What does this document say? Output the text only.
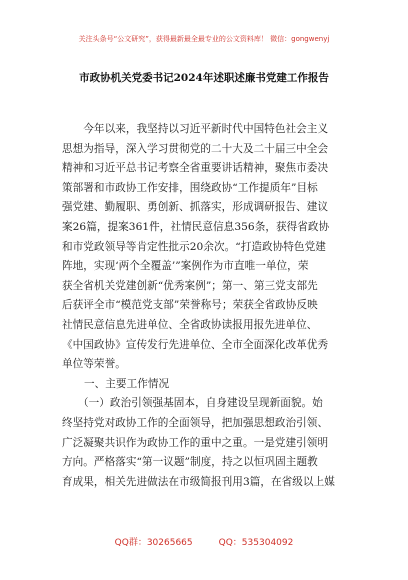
关注头条号“公文研究”，获得最新最全最专业的公文资料库！ 微信：gongwenyj
市政协机关党委书记2024年述职述廉书党建工作报告
　　今年以来，我坚持以习近平新时代中国特色社会主义
思想为指导，深入学习贯彻党的二十大及二十届三中全会
精神和习近平总书记考察全省重要讲话精神，聚焦市委决
策部署和市政协工作安排，围绕政协“工作提质年”目标
强党建、勤履职、勇创新、抓落实，形成调研报告、建议
案26篇，提案361件，社情民意信息356条，获得省政协
和市党政领导等肯定性批示20余次。“打造政协特色党建
阵地，实现‘两个全覆盖’”案例作为市直唯一单位，荣
获全省机关党建创新“优秀案例”；第一、第三党支部先
后获评全市“模范党支部”荣誉称号；荣获全省政协反映
社情民意信息先进单位、全省政协读报用报先进单位、
《中国政协》宣传发行先进单位、全市全面深化改革优秀
单位等荣誉。
一、主要工作情况
　　（一）政治引领强基固本，自身建设呈现新面貌。始
终坚持党对政协工作的全面领导，把加强思想政治引领、
广泛凝聚共识作为政协工作的重中之重。一是党建引领明
方向。严格落实“第一议题”制度，持之以恒巩固主题教
育成果，相关先进做法在市级简报刊用3篇，在省级以上媒
QQ群：30265665	QQ：535304092
